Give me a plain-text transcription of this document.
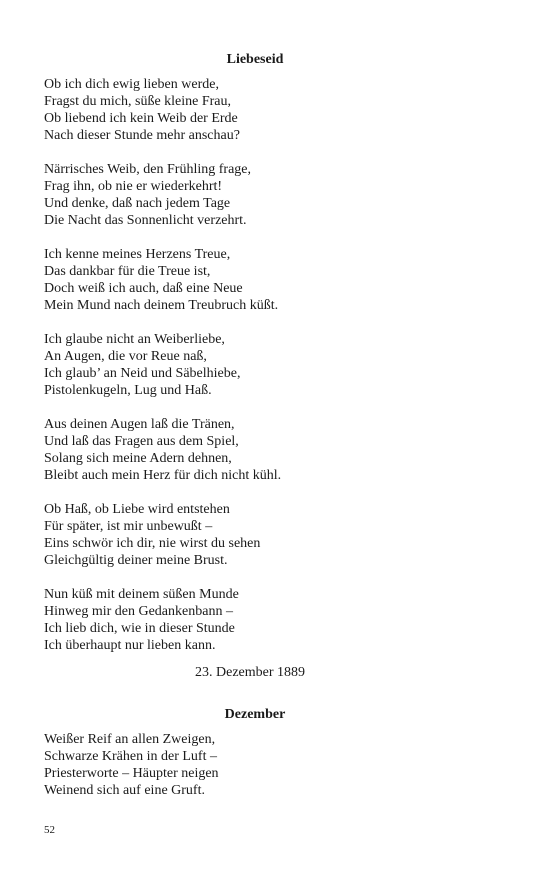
Liebeseid
Ob ich dich ewig lieben werde,
Fragst du mich, süße kleine Frau,
Ob liebend ich kein Weib der Erde
Nach dieser Stunde mehr anschau?
Närrisches Weib, den Frühling frage,
Frag ihn, ob nie er wiederkehrt!
Und denke, daß nach jedem Tage
Die Nacht das Sonnenlicht verzehrt.
Ich kenne meines Herzens Treue,
Das dankbar für die Treue ist,
Doch weiß ich auch, daß eine Neue
Mein Mund nach deinem Treubruch küßt.
Ich glaube nicht an Weiberliebe,
An Augen, die vor Reue naß,
Ich glaub’ an Neid und Säbelhiebe,
Pistolenkugeln, Lug und Haß.
Aus deinen Augen laß die Tränen,
Und laß das Fragen aus dem Spiel,
Solang sich meine Adern dehnen,
Bleibt auch mein Herz für dich nicht kühl.
Ob Haß, ob Liebe wird entstehen
Für später, ist mir unbewußt –
Eins schwör ich dir, nie wirst du sehen
Gleichgültig deiner meine Brust.
Nun küß mit deinem süßen Munde
Hinweg mir den Gedankenbann –
Ich lieb dich, wie in dieser Stunde
Ich überhaupt nur lieben kann.
23. Dezember 1889
Dezember
Weißer Reif an allen Zweigen,
Schwarze Krähen in der Luft –
Priesterworte – Häupter neigen
Weinend sich auf eine Gruft.
52
